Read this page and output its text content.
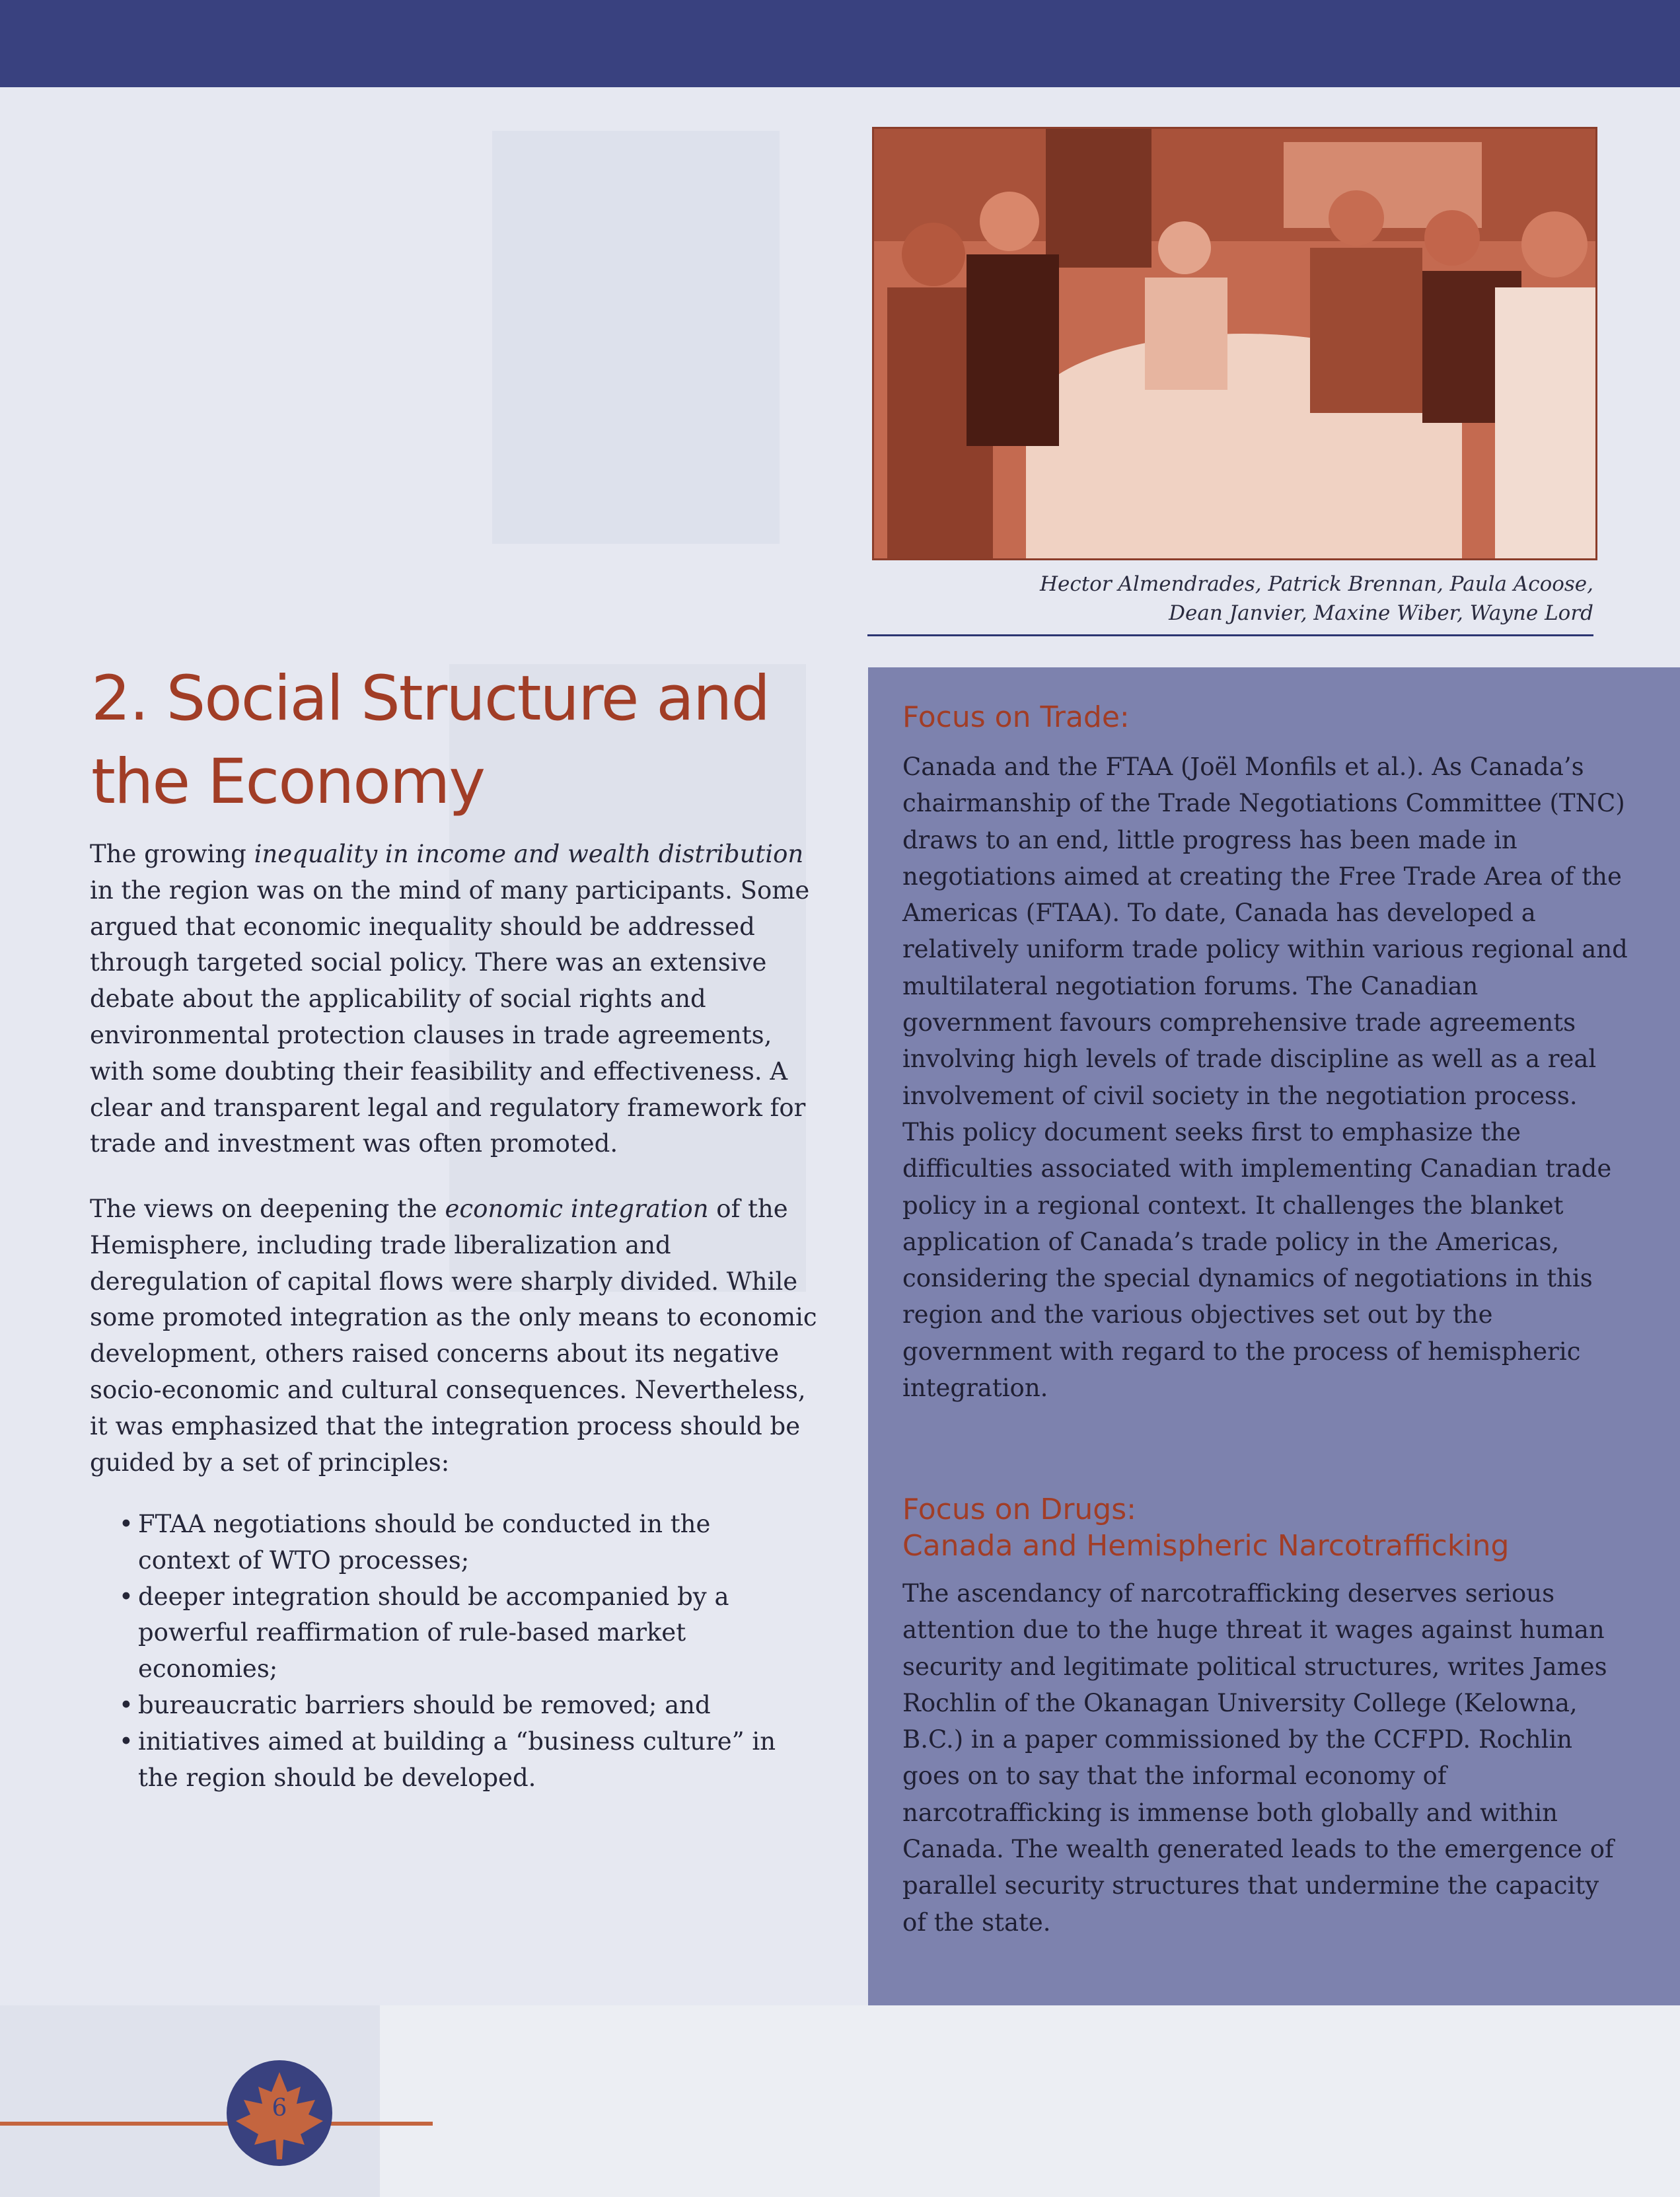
Hector Almendrades, Patrick Brennan, Paula Acoose,
Dean Janvier, Maxine Wiber, Wayne Lord
2. Social Structure and
the Economy

The growing inequality in income and wealth distribution in the region was on the mind of many participants. Some argued that economic inequality should be addressed through targeted social policy. There was an extensive debate about the applicability of social rights and environmental protection clauses in trade agreements, with some doubting their feasibility and effectiveness. A clear and transparent legal and regulatory framework for trade and investment was often promoted.

The views on deepening the economic integration of the Hemisphere, including trade liberalization and deregulation of capital flows were sharply divided. While some promoted integration as the only means to economic development, others raised concerns about its negative socio-economic and cultural consequences. Nevertheless, it was emphasized that the integration process should be guided by a set of principles:

• FTAA negotiations should be conducted in the context of WTO processes;
• deeper integration should be accompanied by a powerful reaffirmation of rule-based market economies;
• bureaucratic barriers should be removed; and
• initiatives aimed at building a “business culture” in the region should be developed.
Focus on Trade:
Canada and the FTAA (Joël Monfils et al.). As Canada’s chairmanship of the Trade Negotiations Committee (TNC) draws to an end, little progress has been made in negotiations aimed at creating the Free Trade Area of the Americas (FTAA). To date, Canada has developed a relatively uniform trade policy within various regional and multilateral negotiation forums. The Canadian government favours comprehensive trade agreements involving high levels of trade discipline as well as a real involvement of civil society in the negotiation process. This policy document seeks first to emphasize the difficulties associated with implementing Canadian trade policy in a regional context. It challenges the blanket application of Canada’s trade policy in the Americas, considering the special dynamics of negotiations in this region and the various objectives set out by the government with regard to the process of hemispheric integration.
Focus on Drugs:
Canada and Hemispheric Narcotrafficking
The ascendancy of narcotrafficking deserves serious attention due to the huge threat it wages against human security and legitimate political structures, writes James Rochlin of the Okanagan University College (Kelowna, B.C.) in a paper commissioned by the CCFPD. Rochlin goes on to say that the informal economy of narcotrafficking is immense both globally and within Canada. The wealth generated leads to the emergence of parallel security structures that undermine the capacity of the state.
6
